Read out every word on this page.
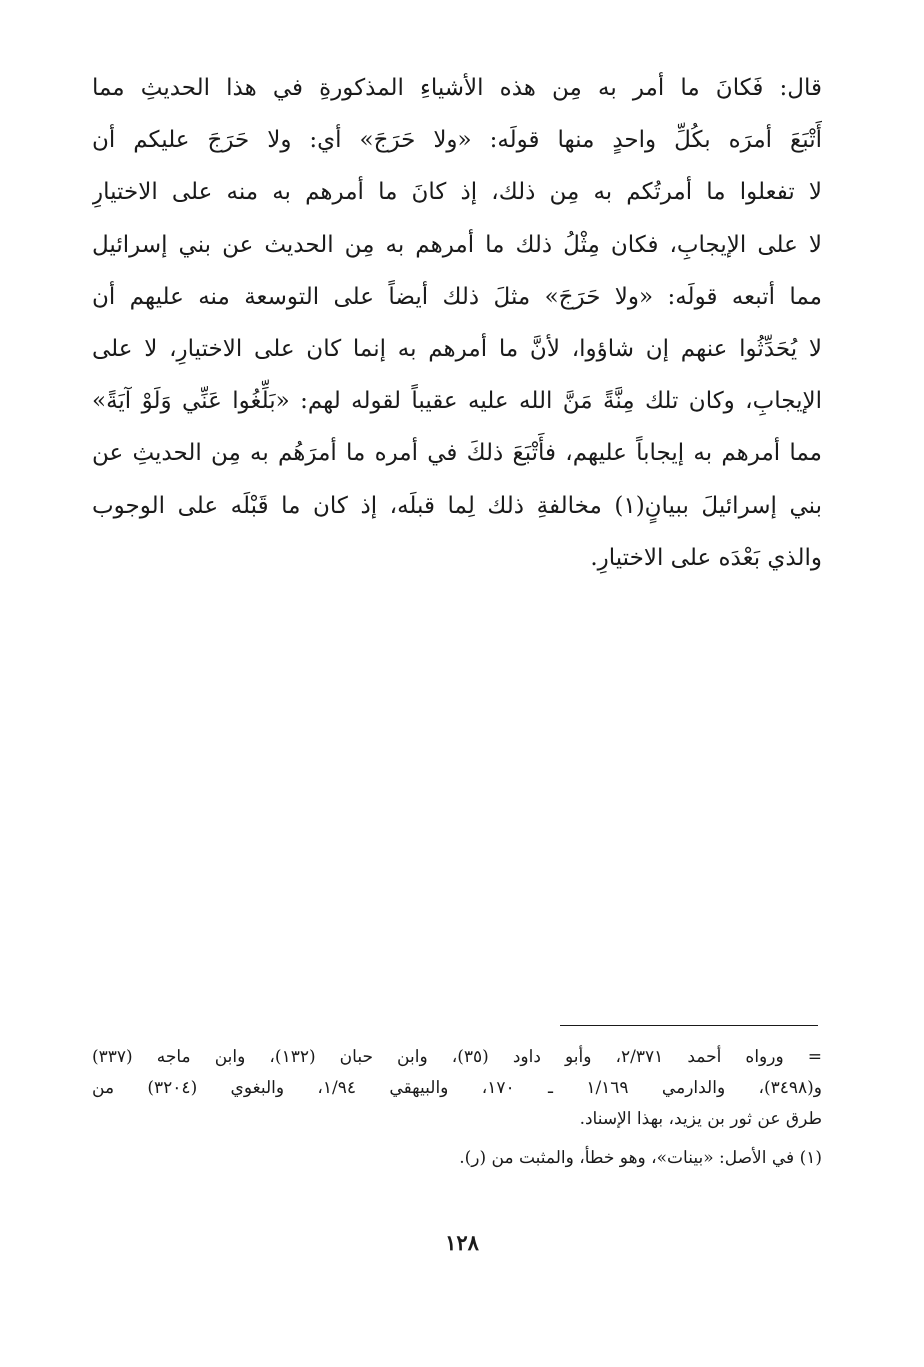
قال: فَكانَ ما أمر به مِن هذه الأشياءِ المذكورةِ في هذا الحديثِ مما
أَتْبَعَ أمرَه بكُلِّ واحدٍ منها قولَه: «ولا حَرَجَ» أي: ولا حَرَجَ عليكم أن
لا تفعلوا ما أمرتُكم به مِن ذلك، إذ كانَ ما أمرهم به منه على الاختيارِ
لا على الإيجابِ، فكان مِثْلُ ذلك ما أمرهم به مِن الحديث عن بني إسرائيل
مما أتبعه قولَه: «ولا حَرَجَ» مثلَ ذلك أيضاً على التوسعة منه عليهم أن
لا يُحَدِّثُوا عنهم إن شاؤوا، لأنَّ ما أمرهم به إنما كان على الاختيارِ، لا على
الإيجابِ، وكان تلك مِنَّةً مَنَّ الله عليه عقيباً لقوله لهم: «بَلِّغُوا عَنِّي وَلَوْ آيَةً»
مما أمرهم به إيجاباً عليهم، فأَتْبَعَ ذلكَ في أمره ما أمرَهُم به مِن الحديثِ عن
بني إسرائيلَ ببيانٍ(١) مخالفةِ ذلك لِما قبلَه، إذ كان ما قَبْلَه على الوجوب
والذي بَعْدَه على الاختيارِ.
= ورواه أحمد ٢/٣٧١، وأبو داود (٣٥)، وابن حبان (١٣٢)، وابن ماجه (٣٣٧)
و(٣٤٩٨)، والدارمي ١/١٦٩ ـ ١٧٠، والبيهقي ١/٩٤، والبغوي (٣٢٠٤) من
طرق عن ثور بن يزيد، بهذا الإسناد.
(١) في الأصل: «بينات»، وهو خطأ، والمثبت من (ر).
١٢٨
